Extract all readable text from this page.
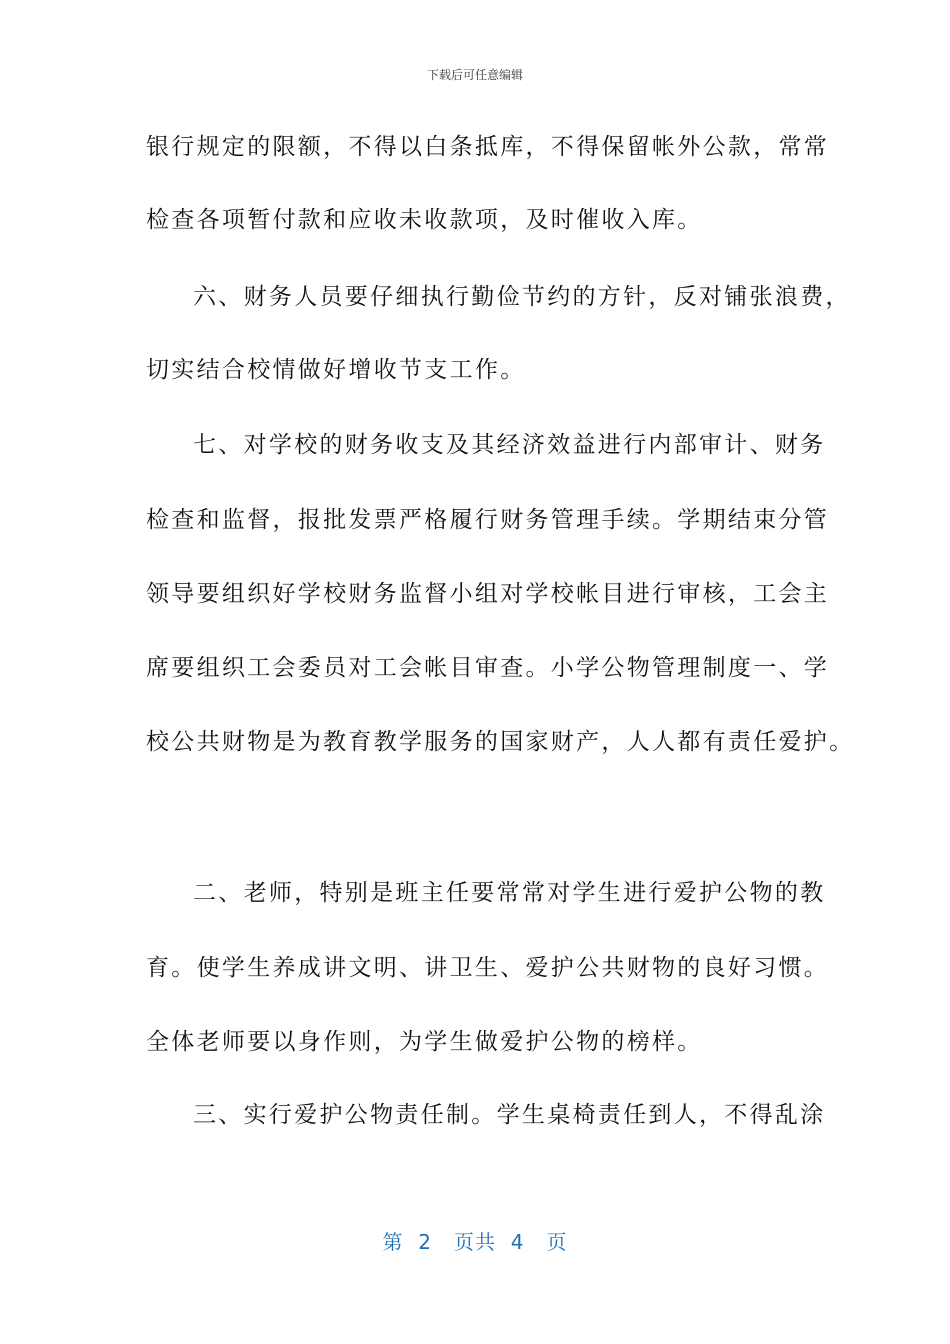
下载后可任意编辑
银行规定的限额，不得以白条抵库，不得保留帐外公款，常常
检查各项暂付款和应收未收款项，及时催收入库。
六、财务人员要仔细执行勤俭节约的方针，反对铺张浪费，
切实结合校情做好增收节支工作。
七、对学校的财务收支及其经济效益进行内部审计、财务
检查和监督，报批发票严格履行财务管理手续。学期结束分管
领导要组织好学校财务监督小组对学校帐目进行审核，工会主
席要组织工会委员对工会帐目审查。小学公物管理制度一、学
校公共财物是为教育教学服务的国家财产，人人都有责任爱护。
二、老师，特别是班主任要常常对学生进行爱护公物的教
育。使学生养成讲文明、讲卫生、爱护公共财物的良好习惯。
全体老师要以身作则，为学生做爱护公物的榜样。
三、实行爱护公物责任制。学生桌椅责任到人，不得乱涂
第  2   页共  4   页
